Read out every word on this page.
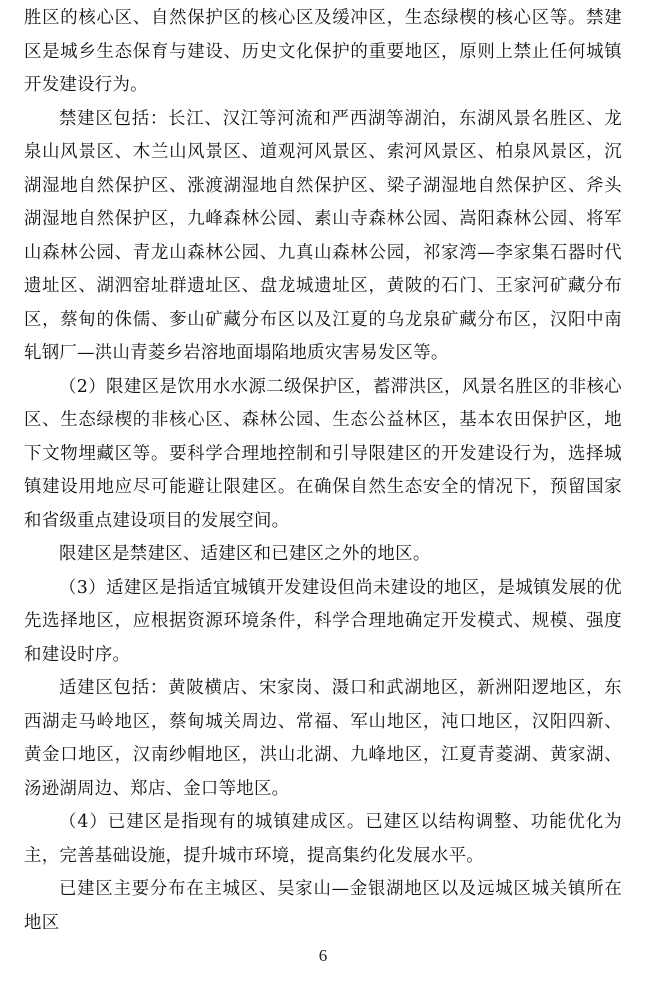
胜区的核心区、自然保护区的核心区及缓冲区，生态绿楔的核心区等。禁建区是城乡生态保育与建设、历史文化保护的重要地区，原则上禁止任何城镇开发建设行为。

禁建区包括：长江、汉江等河流和严西湖等湖泊，东湖风景名胜区、龙泉山风景区、木兰山风景区、道观河风景区、索河风景区、柏泉风景区，沉湖湿地自然保护区、涨渡湖湿地自然保护区、梁子湖湿地自然保护区、斧头湖湿地自然保护区，九峰森林公园、素山寺森林公园、嵩阳森林公园、将军山森林公园、青龙山森林公园、九真山森林公园，祁家湾—李家集石器时代遗址区、湖泗窑址群遗址区、盘龙城遗址区，黄陂的石门、王家河矿藏分布区，蔡甸的侏儒、奓山矿藏分布区以及江夏的乌龙泉矿藏分布区，汉阳中南轧钢厂—洪山青菱乡岩溶地面塌陷地质灾害易发区等。

（2）限建区是饮用水水源二级保护区，蓄滞洪区，风景名胜区的非核心区、生态绿楔的非核心区、森林公园、生态公益林区，基本农田保护区，地下文物埋藏区等。要科学合理地控制和引导限建区的开发建设行为，选择城镇建设用地应尽可能避让限建区。在确保自然生态安全的情况下，预留国家和省级重点建设项目的发展空间。

限建区是禁建区、适建区和已建区之外的地区。

（3）适建区是指适宜城镇开发建设但尚未建设的地区，是城镇发展的优先选择地区，应根据资源环境条件，科学合理地确定开发模式、规模、强度和建设时序。

适建区包括：黄陂横店、宋家岗、滠口和武湖地区，新洲阳逻地区，东西湖走马岭地区，蔡甸城关周边、常福、军山地区，沌口地区，汉阳四新、黄金口地区，汉南纱帽地区，洪山北湖、九峰地区，江夏青菱湖、黄家湖、汤逊湖周边、郑店、金口等地区。

（4）已建区是指现有的城镇建成区。已建区以结构调整、功能优化为主，完善基础设施，提升城市环境，提高集约化发展水平。

已建区主要分布在主城区、吴家山—金银湖地区以及远城区城关镇所在地区

6
